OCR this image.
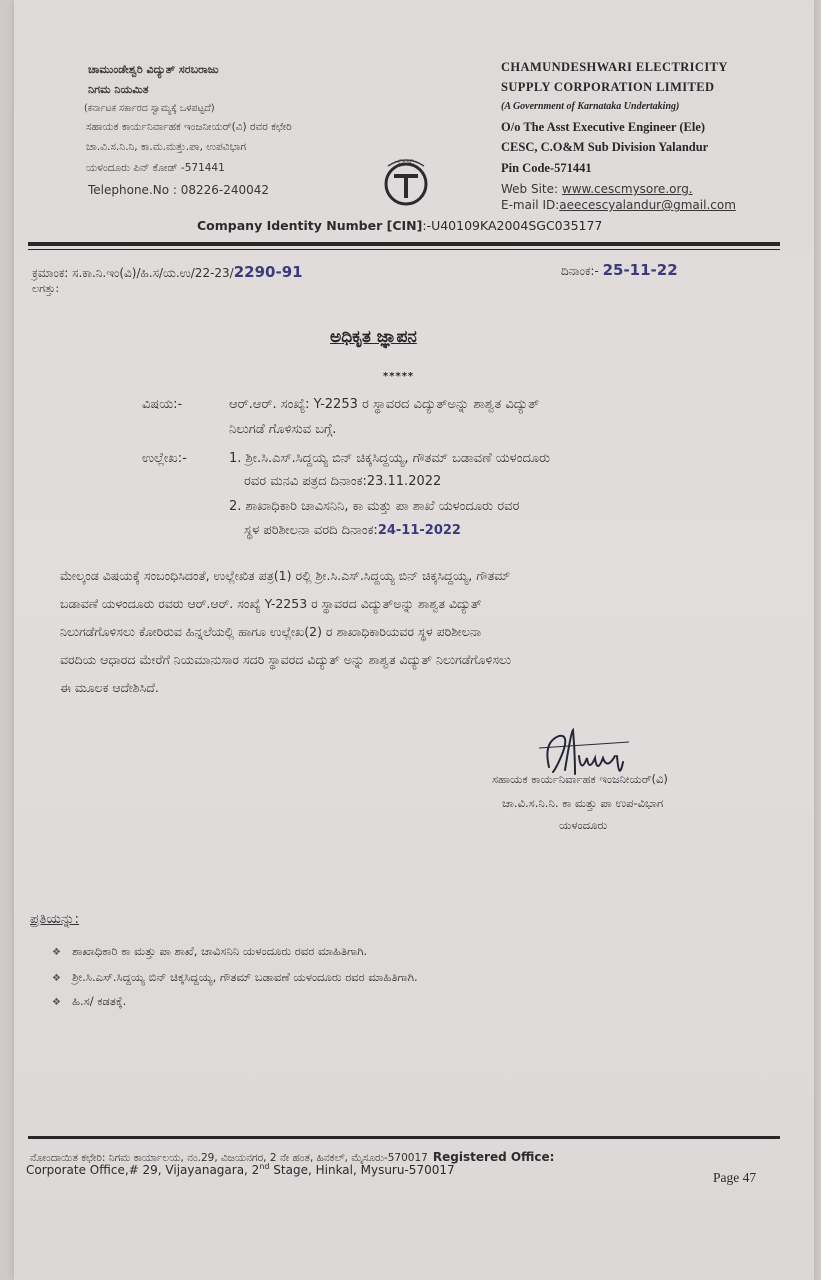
ಚಾಮುಂಡೇಶ್ವರಿ ವಿದ್ಯುತ್ ಸರಬರಾಜು
ನಿಗಮ ನಿಯಮಿತ
(ಕರ್ನಾಟಕ ಸರ್ಕಾರದ ಸ್ವಾಮ್ಯಕ್ಕೆ ಒಳಪಟ್ಟದೆ)
ಸಹಾಯಕ ಕಾರ್ಯನಿರ್ವಾಹಕ ಇಂಜನೀಯರ್(ವಿ) ರವರ ಕಛೇರಿ
ಚಾ.ವಿ.ಸ.ನಿ.ನಿ, ಕಾ.ಮ.ಮತ್ತು.ಪಾ, ಉಪವಿಭಾಗ
ಯಳಂದೂರು ಪಿನ್ ಕೋಡ್ -571441
Telephone.No : 08226-240042
CESC
CHAMUNDESHWARI ELECTRICITY
SUPPLY CORPORATION LIMITED
(A Government of Karnataka Undertaking)
O/o The Asst Executive Engineer (Ele)
CESC, C.O&M Sub Division Yalandur
Pin Code-571441
Web Site: www.cescmysore.org.
E-mail ID:aeecescyalandur@gmail.com
Company Identity Number [CIN]:-U40109KA2004SGC035177
ಕ್ರಮಾಂಕ: ಸ.ಕಾ.ನಿ.ಇಂ(ವಿ)/ಹಿ.ಸ/ಯ.ಉ/22-23/2290-91	ದಿನಾಂಕ:- 25-11-22
ಲಗತ್ತು:
ಅಧಿಕೃತ ಜ್ಞಾಪನ
*****
ವಿಷಯ:-	ಆರ್.ಆರ್. ಸಂಖ್ಯೆ: Y-2253 ರ ಸ್ಥಾವರದ ವಿದ್ಯುತ್‌ಅನ್ನು ಶಾಶ್ವತ ವಿದ್ಯುತ್
ನಿಲುಗಡೆ ಗೊಳಿಸುವ ಬಗ್ಗೆ.
ಉಲ್ಲೇಖ:-	1. ಶ್ರೀ.ಸಿ.ಎಸ್.ಸಿದ್ದಯ್ಯ ಬಿನ್ ಚಿಕ್ಕಸಿದ್ದಯ್ಯ, ಗೌತಮ್ ಬಡಾವಣೆ ಯಳಂದೂರು
ರವರ ಮನವಿ ಪತ್ರದ ದಿನಾಂಕ:23.11.2022
2. ಶಾಖಾಧಿಕಾರಿ ಚಾವಿಸನಿನಿ, ಕಾ ಮತ್ತು ಪಾ ಶಾಖೆ ಯಳಂದೂರು ರವರ
ಸ್ಥಳ ಪರಿಶೀಲನಾ ವರದಿ ದಿನಾಂಕ:24-11-2022
ಮೇಲ್ಕಂಡ ವಿಷಯಕ್ಕೆ ಸಂಬಂಧಿಸಿದಂತೆ, ಉಲ್ಲೇಖಿತ ಪತ್ರ(1) ರಲ್ಲಿ ಶ್ರೀ.ಸಿ.ಎಸ್.ಸಿದ್ದಯ್ಯ ಬಿನ್ ಚಿಕ್ಕಸಿದ್ದಯ್ಯ, ಗೌತಮ್
ಬಡಾವಣೆ ಯಳಂದೂರು ರವರು ಆರ್.ಆರ್. ಸಂಖ್ಯೆ Y-2253 ರ ಸ್ಥಾವರದ ವಿದ್ಯುತ್‌ಅನ್ನು ಶಾಶ್ವತ ವಿದ್ಯುತ್
ನಿಲುಗಡೆಗೊಳಿಸಲು ಕೋರಿರುವ ಹಿನ್ನಲೆಯಲ್ಲಿ ಹಾಗೂ ಉಲ್ಲೇಖ(2) ರ ಶಾಖಾಧಿಕಾರಿಯವರ ಸ್ಥಳ ಪರಿಶೀಲನಾ
ವರದಿಯ ಆಧಾರದ ಮೇರೆಗೆ ನಿಯಮಾನುಸಾರ ಸದರಿ ಸ್ಥಾವರದ ವಿದ್ಯುತ್ ಅನ್ನು ಶಾಶ್ವತ ವಿದ್ಯುತ್ ನಿಲುಗಡೆಗೊಳಿಸಲು
ಈ ಮೂಲಕ ಆದೇಶಿಸಿದೆ.
ಸಹಾಯಕ ಕಾರ್ಯನಿರ್ವಾಹಕ ಇಂಜನೀಯರ್(ವಿ)
ಚಾ.ವಿ.ಸ.ನಿ.ನಿ. ಕಾ ಮತ್ತು ಪಾ ಉಪ-ವಿಭಾಗ
ಯಳಂದೂರು
ಪ್ರತಿಯನ್ನು:
❖ ಶಾಖಾಧಿಕಾರಿ ಕಾ ಮತ್ತು ಪಾ ಶಾಖೆ, ಚಾವಿಸನಿನಿ ಯಳಂದೂರು ರವರ ಮಾಹಿತಿಗಾಗಿ.
❖ ಶ್ರೀ.ಸಿ.ಎಸ್.ಸಿದ್ದಯ್ಯ ಬಿನ್ ಚಿಕ್ಕಸಿದ್ದಯ್ಯ, ಗೌತಮ್ ಬಡಾವಣೆ ಯಳಂದೂರು ರವರ ಮಾಹಿತಿಗಾಗಿ.
❖ ಹಿ.ಸ/ ಕಡತಕ್ಕೆ.
ನೋಂದಾಯಿತ ಕಛೇರಿ: ನಿಗಮ ಕಾರ್ಯಾಲಯ, ನಂ.29, ವಿಜಯನಗರ, 2 ನೇ ಹಂತ, ಹಿನಕಲ್, ಮೈಸೂರು-570017 Registered Office:
Corporate Office,# 29, Vijayanagara, 2nd Stage, Hinkal, Mysuru-570017	Page 47
